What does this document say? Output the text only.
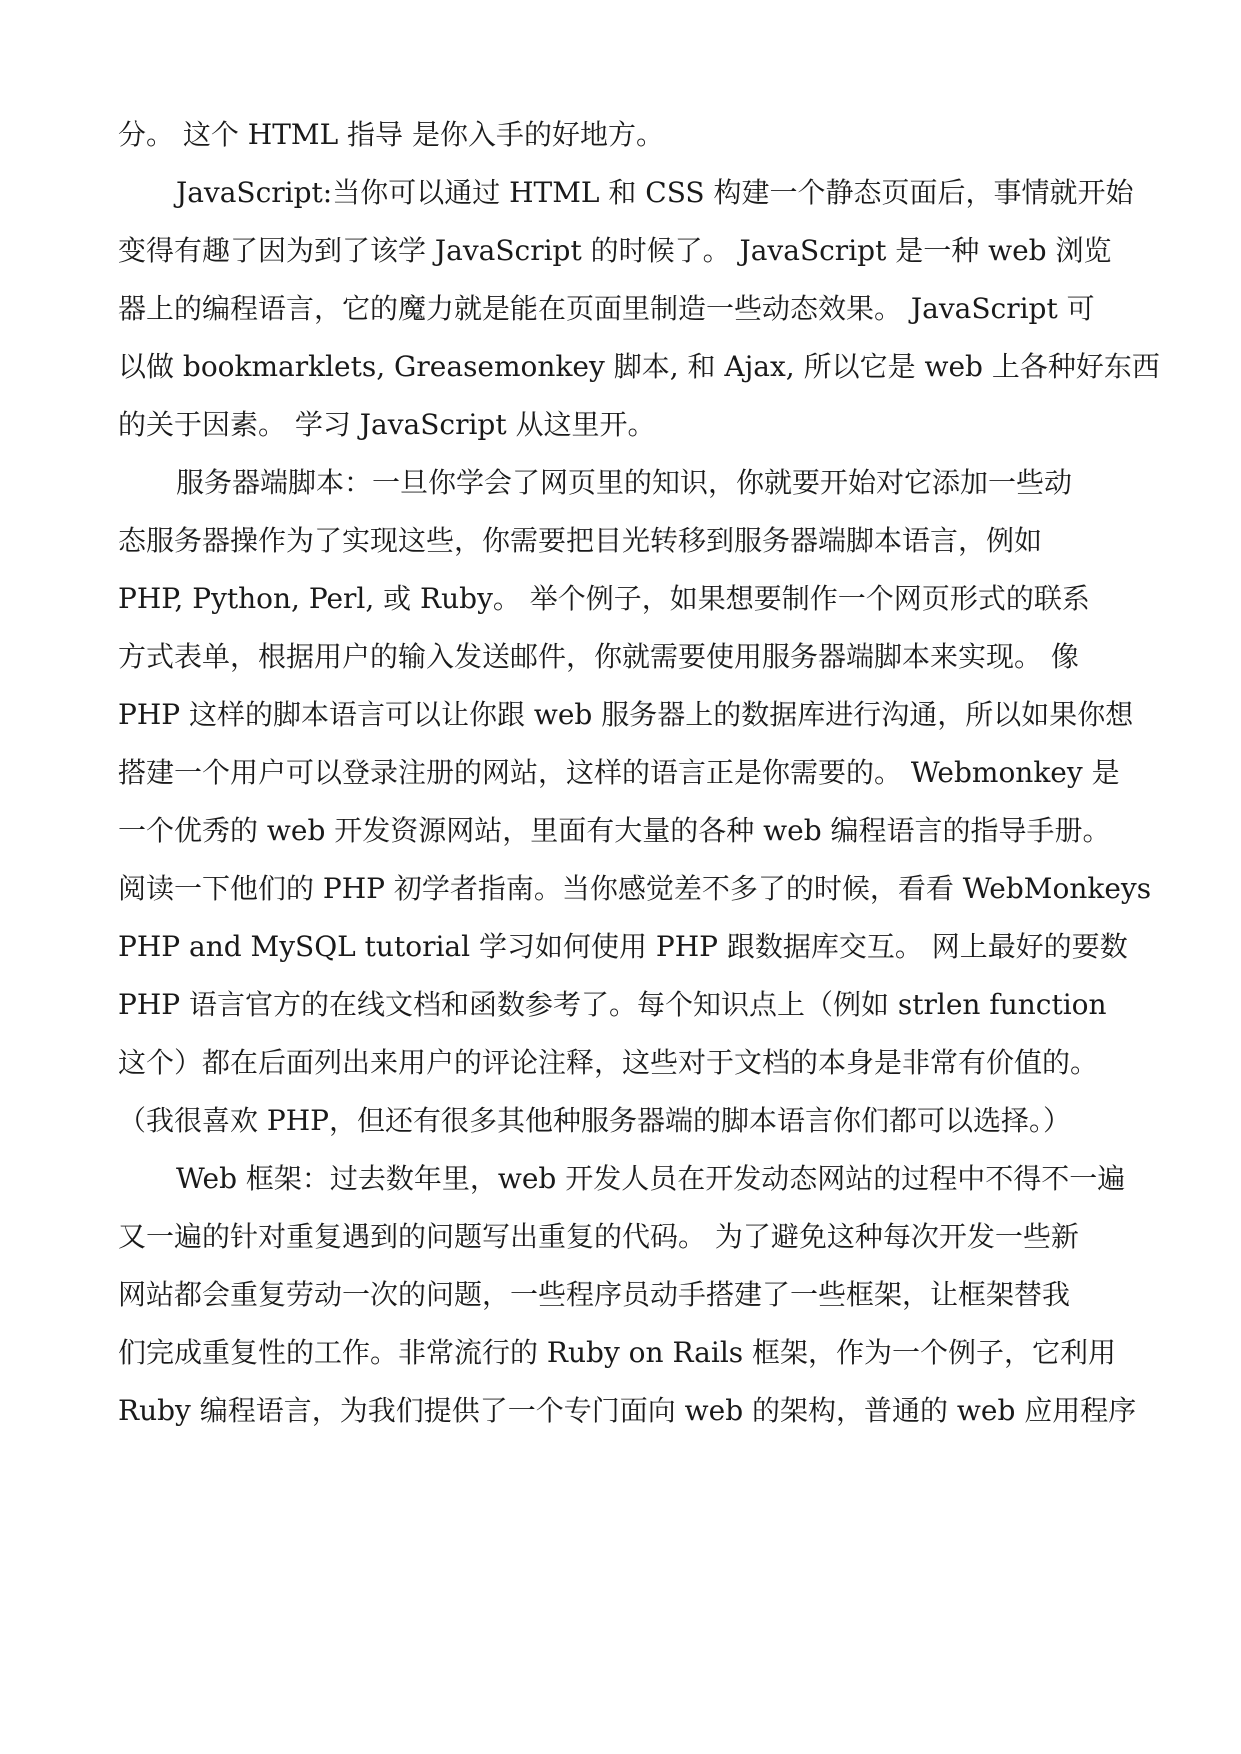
分。 这个 HTML 指导 是你入手的好地方。
JavaScript:当你可以通过 HTML 和 CSS 构建一个静态页面后，事情就开始
变得有趣了因为到了该学 JavaScript 的时候了。 JavaScript 是一种 web 浏览
器上的编程语言，它的魔力就是能在页面里制造一些动态效果。 JavaScript 可
以做 bookmarklets, Greasemonkey 脚本, 和 Ajax, 所以它是 web 上各种好东西
的关于因素。 学习 JavaScript 从这里开。
服务器端脚本：一旦你学会了网页里的知识，你就要开始对它添加一些动
态服务器操作为了实现这些，你需要把目光转移到服务器端脚本语言，例如
PHP, Python, Perl, 或 Ruby。 举个例子，如果想要制作一个网页形式的联系
方式表单，根据用户的输入发送邮件，你就需要使用服务器端脚本来实现。 像
PHP 这样的脚本语言可以让你跟 web 服务器上的数据库进行沟通，所以如果你想
搭建一个用户可以登录注册的网站，这样的语言正是你需要的。 Webmonkey 是
一个优秀的 web 开发资源网站，里面有大量的各种 web 编程语言的指导手册。
阅读一下他们的 PHP 初学者指南。当你感觉差不多了的时候，看看 WebMonkeys
PHP and MySQL tutorial 学习如何使用 PHP 跟数据库交互。 网上最好的要数
PHP 语言官方的在线文档和函数参考了。每个知识点上（例如 strlen function
这个）都在后面列出来用户的评论注释，这些对于文档的本身是非常有价值的。
（我很喜欢 PHP，但还有很多其他种服务器端的脚本语言你们都可以选择。）
Web 框架：过去数年里，web 开发人员在开发动态网站的过程中不得不一遍
又一遍的针对重复遇到的问题写出重复的代码。 为了避免这种每次开发一些新
网站都会重复劳动一次的问题，一些程序员动手搭建了一些框架，让框架替我
们完成重复性的工作。非常流行的 Ruby on Rails 框架，作为一个例子，它利用
Ruby 编程语言，为我们提供了一个专门面向 web 的架构，普通的 web 应用程序
